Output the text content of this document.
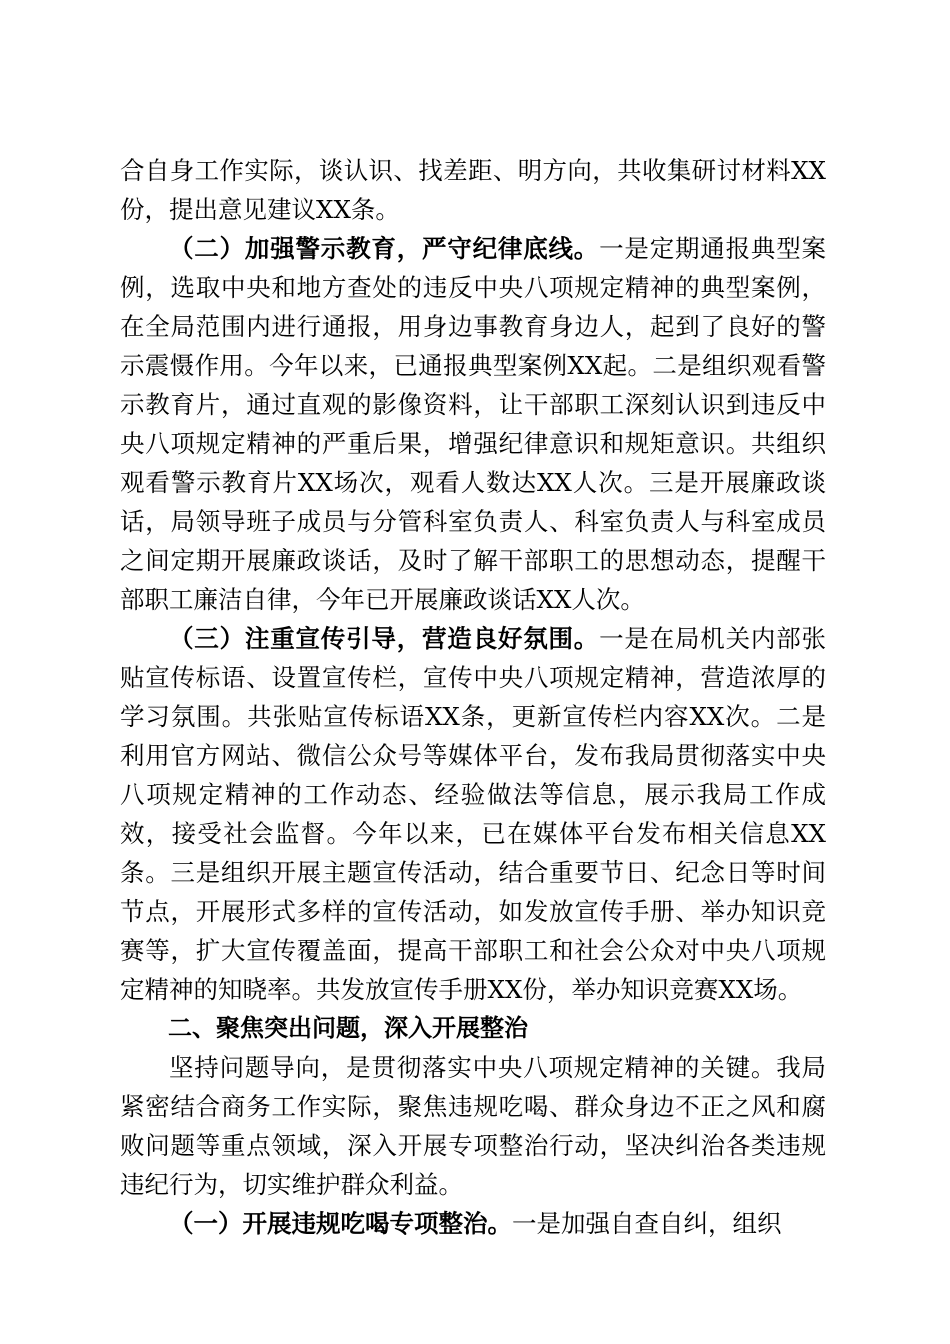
合自身工作实际，谈认识、找差距、明方向，共收集研讨材料XX份，提出意见建议XX条。

（二）加强警示教育，严守纪律底线。一是定期通报典型案例，选取中央和地方查处的违反中央八项规定精神的典型案例，在全局范围内进行通报，用身边事教育身边人，起到了良好的警示震慑作用。今年以来，已通报典型案例XX起。二是组织观看警示教育片，通过直观的影像资料，让干部职工深刻认识到违反中央八项规定精神的严重后果，增强纪律意识和规矩意识。共组织观看警示教育片XX场次，观看人数达XX人次。三是开展廉政谈话，局领导班子成员与分管科室负责人、科室负责人与科室成员之间定期开展廉政谈话，及时了解干部职工的思想动态，提醒干部职工廉洁自律，今年已开展廉政谈话XX人次。

（三）注重宣传引导，营造良好氛围。一是在局机关内部张贴宣传标语、设置宣传栏，宣传中央八项规定精神，营造浓厚的学习氛围。共张贴宣传标语XX条，更新宣传栏内容XX次。二是利用官方网站、微信公众号等媒体平台，发布我局贯彻落实中央八项规定精神的工作动态、经验做法等信息，展示我局工作成效，接受社会监督。今年以来，已在媒体平台发布相关信息XX条。三是组织开展主题宣传活动，结合重要节日、纪念日等时间节点，开展形式多样的宣传活动，如发放宣传手册、举办知识竞赛等，扩大宣传覆盖面，提高干部职工和社会公众对中央八项规定精神的知晓率。共发放宣传手册XX份，举办知识竞赛XX场。

二、聚焦突出问题，深入开展整治

坚持问题导向，是贯彻落实中央八项规定精神的关键。我局紧密结合商务工作实际，聚焦违规吃喝、群众身边不正之风和腐败问题等重点领域，深入开展专项整治行动，坚决纠治各类违规违纪行为，切实维护群众利益。

（一）开展违规吃喝专项整治。一是加强自查自纠，组织
